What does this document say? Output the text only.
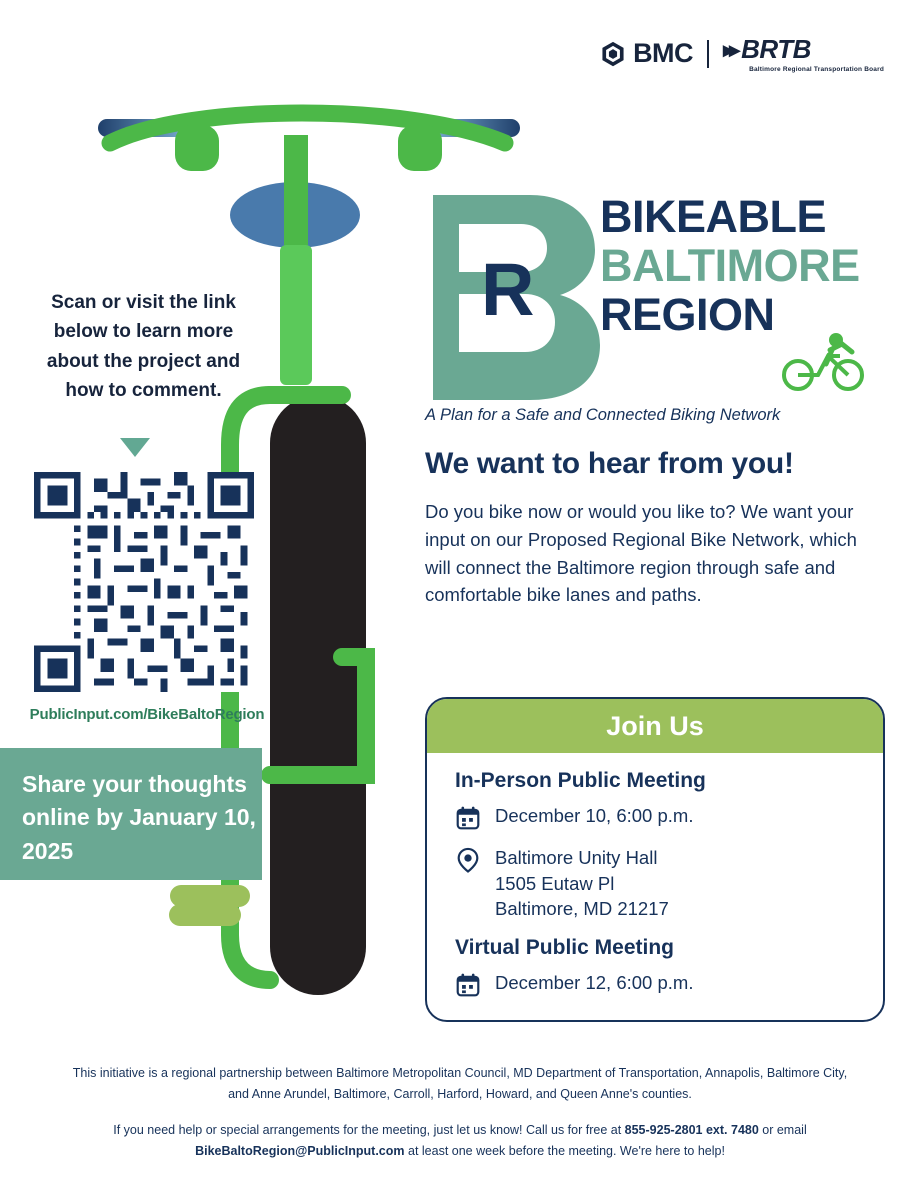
BMC ▸▸ BRTB
Baltimore Regional Transportation Board
Scan or visit the link below to learn more about the project and how to comment.
PublicInput.com/BikeBaltoRegion
Share your thoughts online by January 10, 2025
R
BIKEABLE
BALTIMORE
REGION
A Plan for a Safe and Connected Biking Network
We want to hear from you!
Do you bike now or would you like to? We want your input on our Proposed Regional Bike Network, which will connect the Baltimore region through safe and comfortable bike lanes and paths.
Join Us
In-Person Public Meeting
December 10, 6:00 p.m.
Baltimore Unity Hall
1505 Eutaw Pl
Baltimore, MD 21217
Virtual Public Meeting
December 12, 6:00 p.m.
This initiative is a regional partnership between Baltimore Metropolitan Council, MD Department of Transportation, Annapolis, Baltimore City, and Anne Arundel, Baltimore, Carroll, Harford, Howard, and Queen Anne's counties.
If you need help or special arrangements for the meeting, just let us know! Call us for free at 855-925-2801 ext. 7480 or email BikeBaltoRegion@PublicInput.com at least one week before the meeting. We're here to help!
